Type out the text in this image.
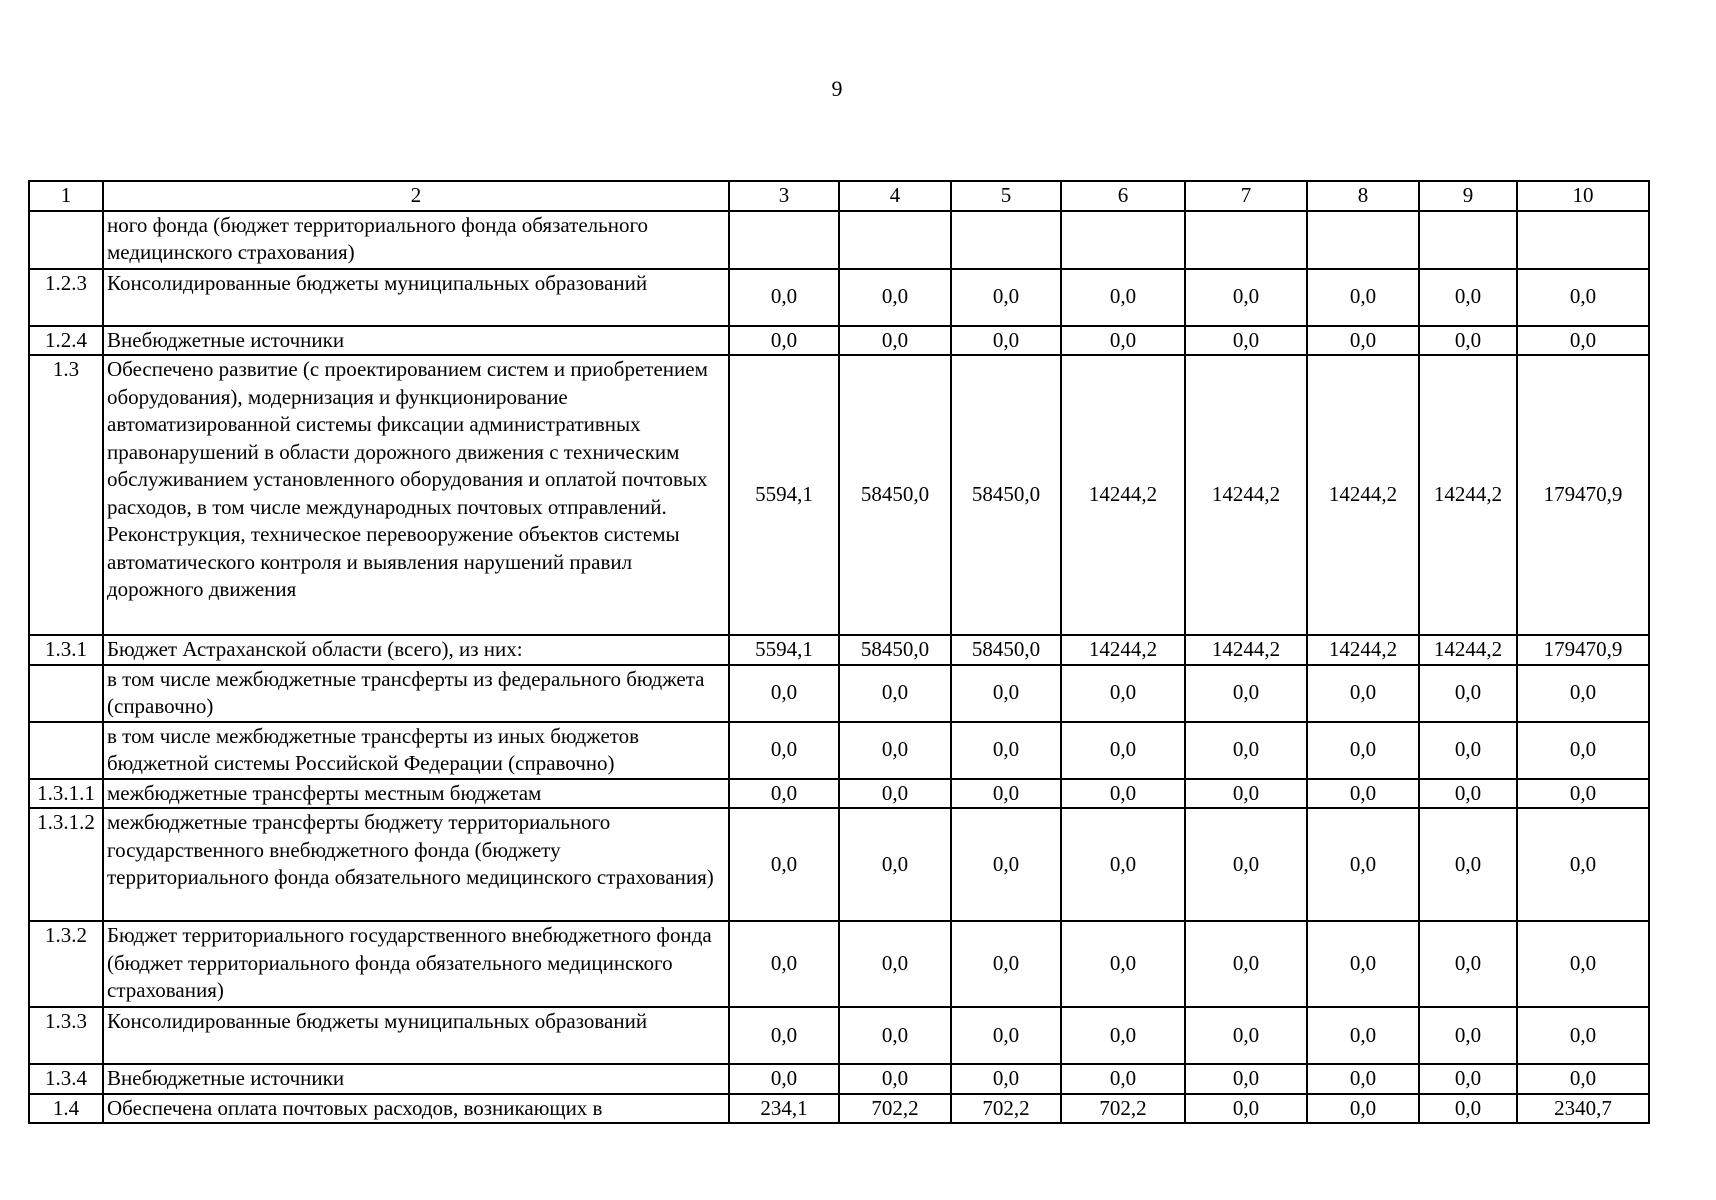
9
1	2	3	4	5	6	7	8	9	10
	ного фонда (бюджет территориального фонда обязательного медицинского страхования)								
1.2.3	Консолидированные бюджеты муниципальных образований	0,0	0,0	0,0	0,0	0,0	0,0	0,0	0,0
1.2.4	Внебюджетные источники	0,0	0,0	0,0	0,0	0,0	0,0	0,0	0,0
1.3	Обеспечено развитие (с проектированием систем и приобретением оборудования), модернизация и функционирование автоматизированной системы фиксации административных правонарушений в области дорожного движения с техническим обслуживанием установленного оборудования и оплатой почтовых расходов, в том числе международных почтовых отправлений. Реконструкция, техническое перевооружение объектов системы автоматического контроля и выявления нарушений правил дорожного движения	5594,1	58450,0	58450,0	14244,2	14244,2	14244,2	14244,2	179470,9
1.3.1	Бюджет Астраханской области (всего), из них:	5594,1	58450,0	58450,0	14244,2	14244,2	14244,2	14244,2	179470,9
	в том числе межбюджетные трансферты из федерального бюджета (справочно)	0,0	0,0	0,0	0,0	0,0	0,0	0,0	0,0
	в том числе межбюджетные трансферты из иных бюджетов бюджетной системы Российской Федерации (справочно)	0,0	0,0	0,0	0,0	0,0	0,0	0,0	0,0
1.3.1.1	межбюджетные трансферты местным бюджетам	0,0	0,0	0,0	0,0	0,0	0,0	0,0	0,0
1.3.1.2	межбюджетные трансферты бюджету территориального государственного внебюджетного фонда (бюджету территориального фонда обязательного медицинского страхования)	0,0	0,0	0,0	0,0	0,0	0,0	0,0	0,0
1.3.2	Бюджет территориального государственного внебюджетного фонда (бюджет территориального фонда обязательного медицинского страхования)	0,0	0,0	0,0	0,0	0,0	0,0	0,0	0,0
1.3.3	Консолидированные бюджеты муниципальных образований	0,0	0,0	0,0	0,0	0,0	0,0	0,0	0,0
1.3.4	Внебюджетные источники	0,0	0,0	0,0	0,0	0,0	0,0	0,0	0,0
1.4	Обеспечена оплата почтовых расходов, возникающих в	234,1	702,2	702,2	702,2	0,0	0,0	0,0	2340,7
